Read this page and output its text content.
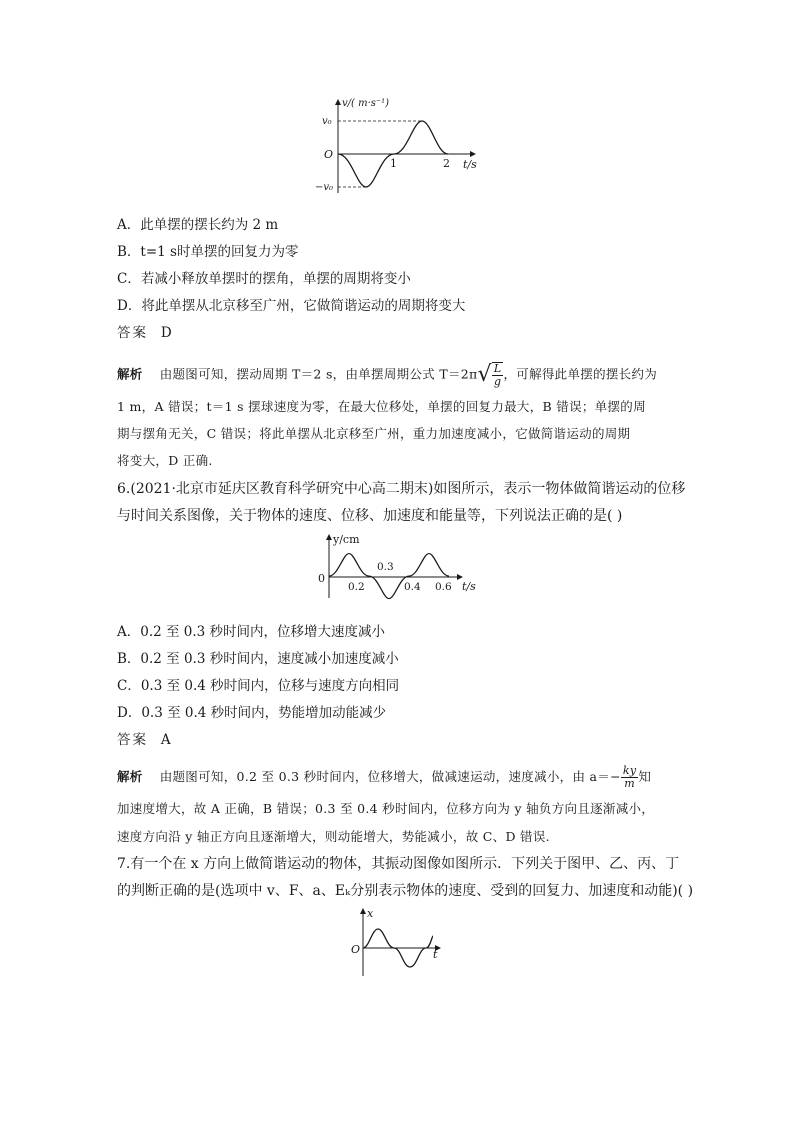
v/( m·s⁻¹)
v₀
−v₀
O
1	2 t/s
A．此单摆的摆长约为 2 m
B．t=1 s时单摆的回复力为零
C．若减小释放单摆时的摆角，单摆的周期将变小
D．将此单摆从北京移至广州，它做简谐运动的周期将变大
答案 D
解析 由题图可知，摆动周期 T＝2 s，由单摆周期公式 $T=2\pi√ \frac{L}{g}$ ，可解得此单摆的摆长约为
1 m，A 错误；t＝1 s 摆球速度为零，在最大位移处，单摆的回复力最大，B 错误；单摆的周
期与摆角无关，C 错误；将此单摆从北京移至广州，重力加速度减小，它做简谐运动的周期
将变大，D 正确.
6.(2021·北京市延庆区教育科学研究中心高二期末)如图所示，表示一物体做简谐运动的位移
与时间关系图像，关于物体的速度、位移、加速度和能量等，下列说法正确的是( )
y/cm
0
0.2
0.3
0.4 0.6 t/s
A．0.2 至 0.3 秒时间内，位移增大速度减小
B．0.2 至 0.3 秒时间内，速度减小加速度减小
C．0.3 至 0.4 秒时间内，位移与速度方向相同
D．0.3 至 0.4 秒时间内，势能增加动能减少
答案 A
解析 由题图可知，0.2 至 0.3 秒时间内，位移增大，做减速运动，速度减小，由 $a=- \frac{ky}{m}$ 知
加速度增大，故 A 正确，B 错误；0.3 至 0.4 秒时间内，位移方向为 y 轴负方向且逐渐减小，
速度方向沿 y 轴正方向且逐渐增大，则动能增大，势能减小，故 C、D 错误.
7.有一个在 x 方向上做简谐运动的物体，其振动图像如图所示．下列关于图甲、乙、丙、丁
的判断正确的是(选项中 v、F、a、Eₖ分别表示物体的速度、受到的回复力、加速度和动能)( )
x
O	t
